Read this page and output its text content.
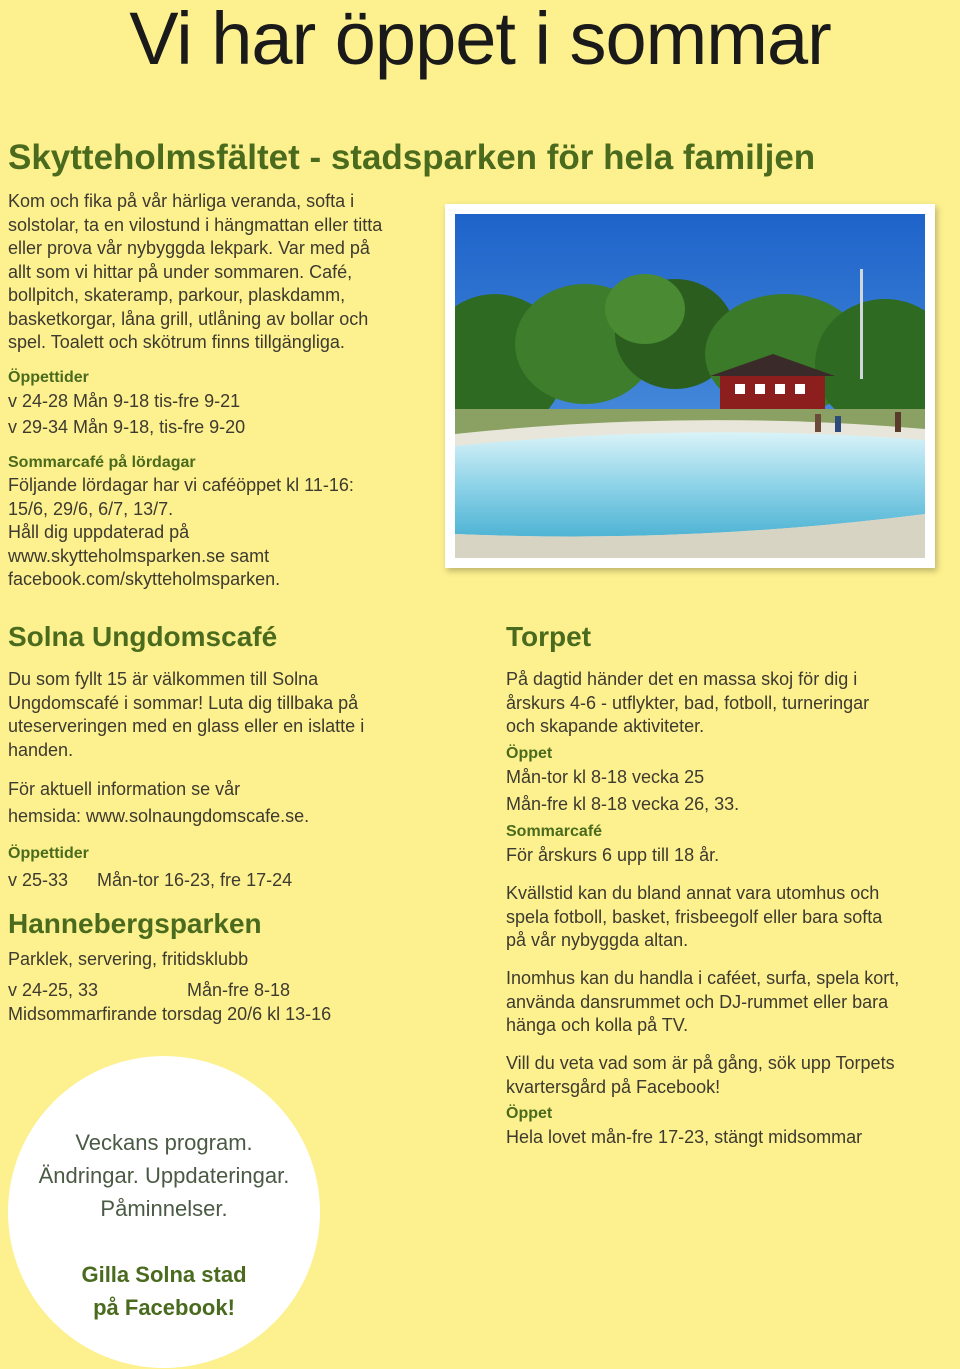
Vi har öppet i sommar
Skytteholmsfältet - stadsparken för hela familjen

Kom och fika på vår härliga veranda, softa i

solstolar, ta en vilostund i hängmattan eller titta

eller prova vår nybyggda lekpark. Var med på

allt som vi hittar på under sommaren. Café,

bollpitch, skateramp, parkour, plaskdamm,

basketkorgar, låna grill, utlåning av bollar och

spel. Toalett och skötrum finns tillgängliga.

Öppettider

v 24-28 Mån 9-18 tis-fre 9-21

v 29-34 Mån 9-18, tis-fre 9-20

Sommarcafé på lördagar

Följande lördagar har vi caféöppet kl 11-16:

15/6, 29/6, 6/7, 13/7.

Håll dig uppdaterad på

www.skytteholmsparken.se samt

facebook.com/skytteholmsparken.

Solna Ungdomscafé

Du som fyllt 15 är välkommen till Solna

Ungdomscafé i sommar! Luta dig tillbaka på

uteserveringen med en glass eller en islatte i

handen.

För aktuell information se vår

hemsida: www.solnaungdomscafe.se.

Öppettider

v 25-33 Mån-tor 16-23, fre 17-24

Hannebergsparken

Parklek, servering, fritidsklubb

v 24-25, 33	Mån-fre 8-18

Midsommarfirande torsdag 20/6 kl 13-16

Torpet

På dagtid händer det en massa skoj för dig i

årskurs 4-6 - utflykter, bad, fotboll, turneringar

och skapande aktiviteter.

Öppet

Mån-tor kl 8-18 vecka 25

Mån-fre kl 8-18 vecka 26, 33.

Sommarcafé

För årskurs 6 upp till 18 år.

Kvällstid kan du bland annat vara utomhus och

spela fotboll, basket, frisbeegolf eller bara softa

på vår nybyggda altan.

Inomhus kan du handla i caféet, surfa, spela kort,

använda dansrummet och DJ-rummet eller bara

hänga och kolla på TV.

Vill du veta vad som är på gång, sök upp Torpets

kvartersgård på Facebook!

Öppet

Hela lovet mån-fre 17-23, stängt midsommar

Veckans program.

Ändringar. Uppdateringar.

Påminnelser.

Gilla Solna stad

på Facebook!
